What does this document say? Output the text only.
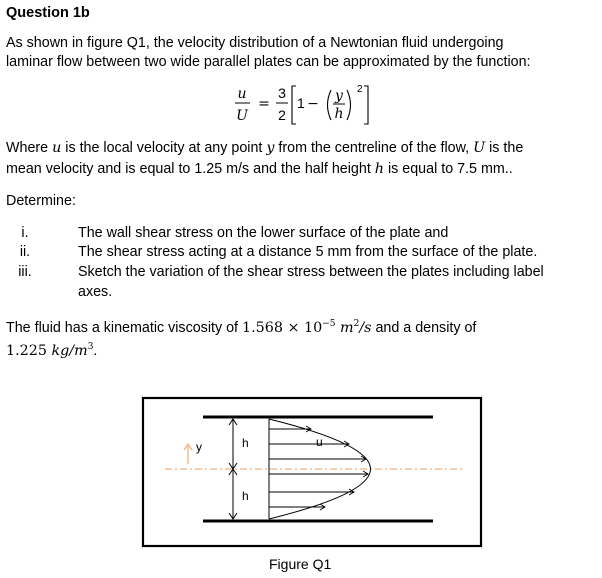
Question 1b
As shown in figure Q1, the velocity distribution of a Newtonian fluid undergoing
laminar flow between two wide parallel plates can be approximated by the function:
u
U
=
3
2
1 − y
h
2
Where u is the local velocity at any point y from the centreline of the flow, U is the
mean velocity and is equal to 1.25 m/s and the half height h is equal to 7.5 mm..
Determine:
i.	The wall shear stress on the lower surface of the plate and
ii.	The shear stress acting at a distance 5 mm from the surface of the plate.
iii.	Sketch the variation of the shear stress between the plates including label
axes.
The fluid has a kinematic viscosity of $1.568 \times 10^{-5}$ $m^2/s$ and a density of
1.225 $kg/m^3$.
y	h
h
u
Figure Q1
